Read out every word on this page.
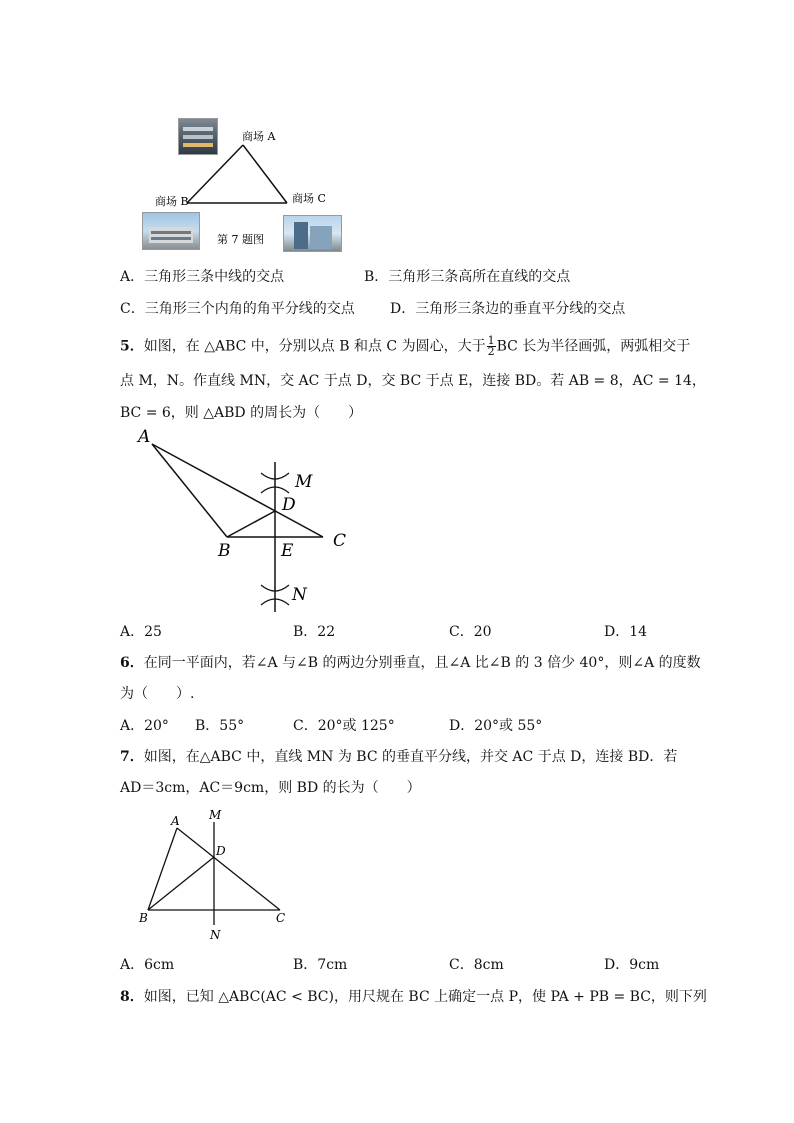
商场 A
商场 B	商场 C
第 7 题图
A．三角形三条中线的交点	B．三角形三条高所在直线的交点
C．三角形三个内角的角平分线的交点	D．三角形三条边的垂直平分线的交点
5．如图，在 △ABC 中，分别以点 B 和点 C 为圆心，大于 $\frac{1}{2}$ BC 长为半径画弧，两弧相交于
点 M，N。作直线 MN，交 AC 于点 D，交 BC 于点 E，连接 BD。若 AB = 8，AC = 14，
BC = 6，则 △ABD 的周长为（　　）
A
B	C
D
E
M
N
A．25	B．22	C．20	D．14
6．在同一平面内，若∠A 与∠B 的两边分别垂直，且∠A 比∠B 的 3 倍少 40°，则∠A 的度数
为（　　）.
A．20° B．55°	C．20°或 125°	D．20°或 55°
7．如图，在△ABC 中，直线 MN 为 BC 的垂直平分线，并交 AC 于点 D，连接 BD．若
AD＝3cm，AC＝9cm，则 BD 的长为（　　）
A
B	C
D
M
N
A．6cm	B．7cm	C．8cm	D．9cm
8．如图，已知 △ABC(AC < BC)，用尺规在 BC 上确定一点 P，使 PA + PB = BC，则下列
